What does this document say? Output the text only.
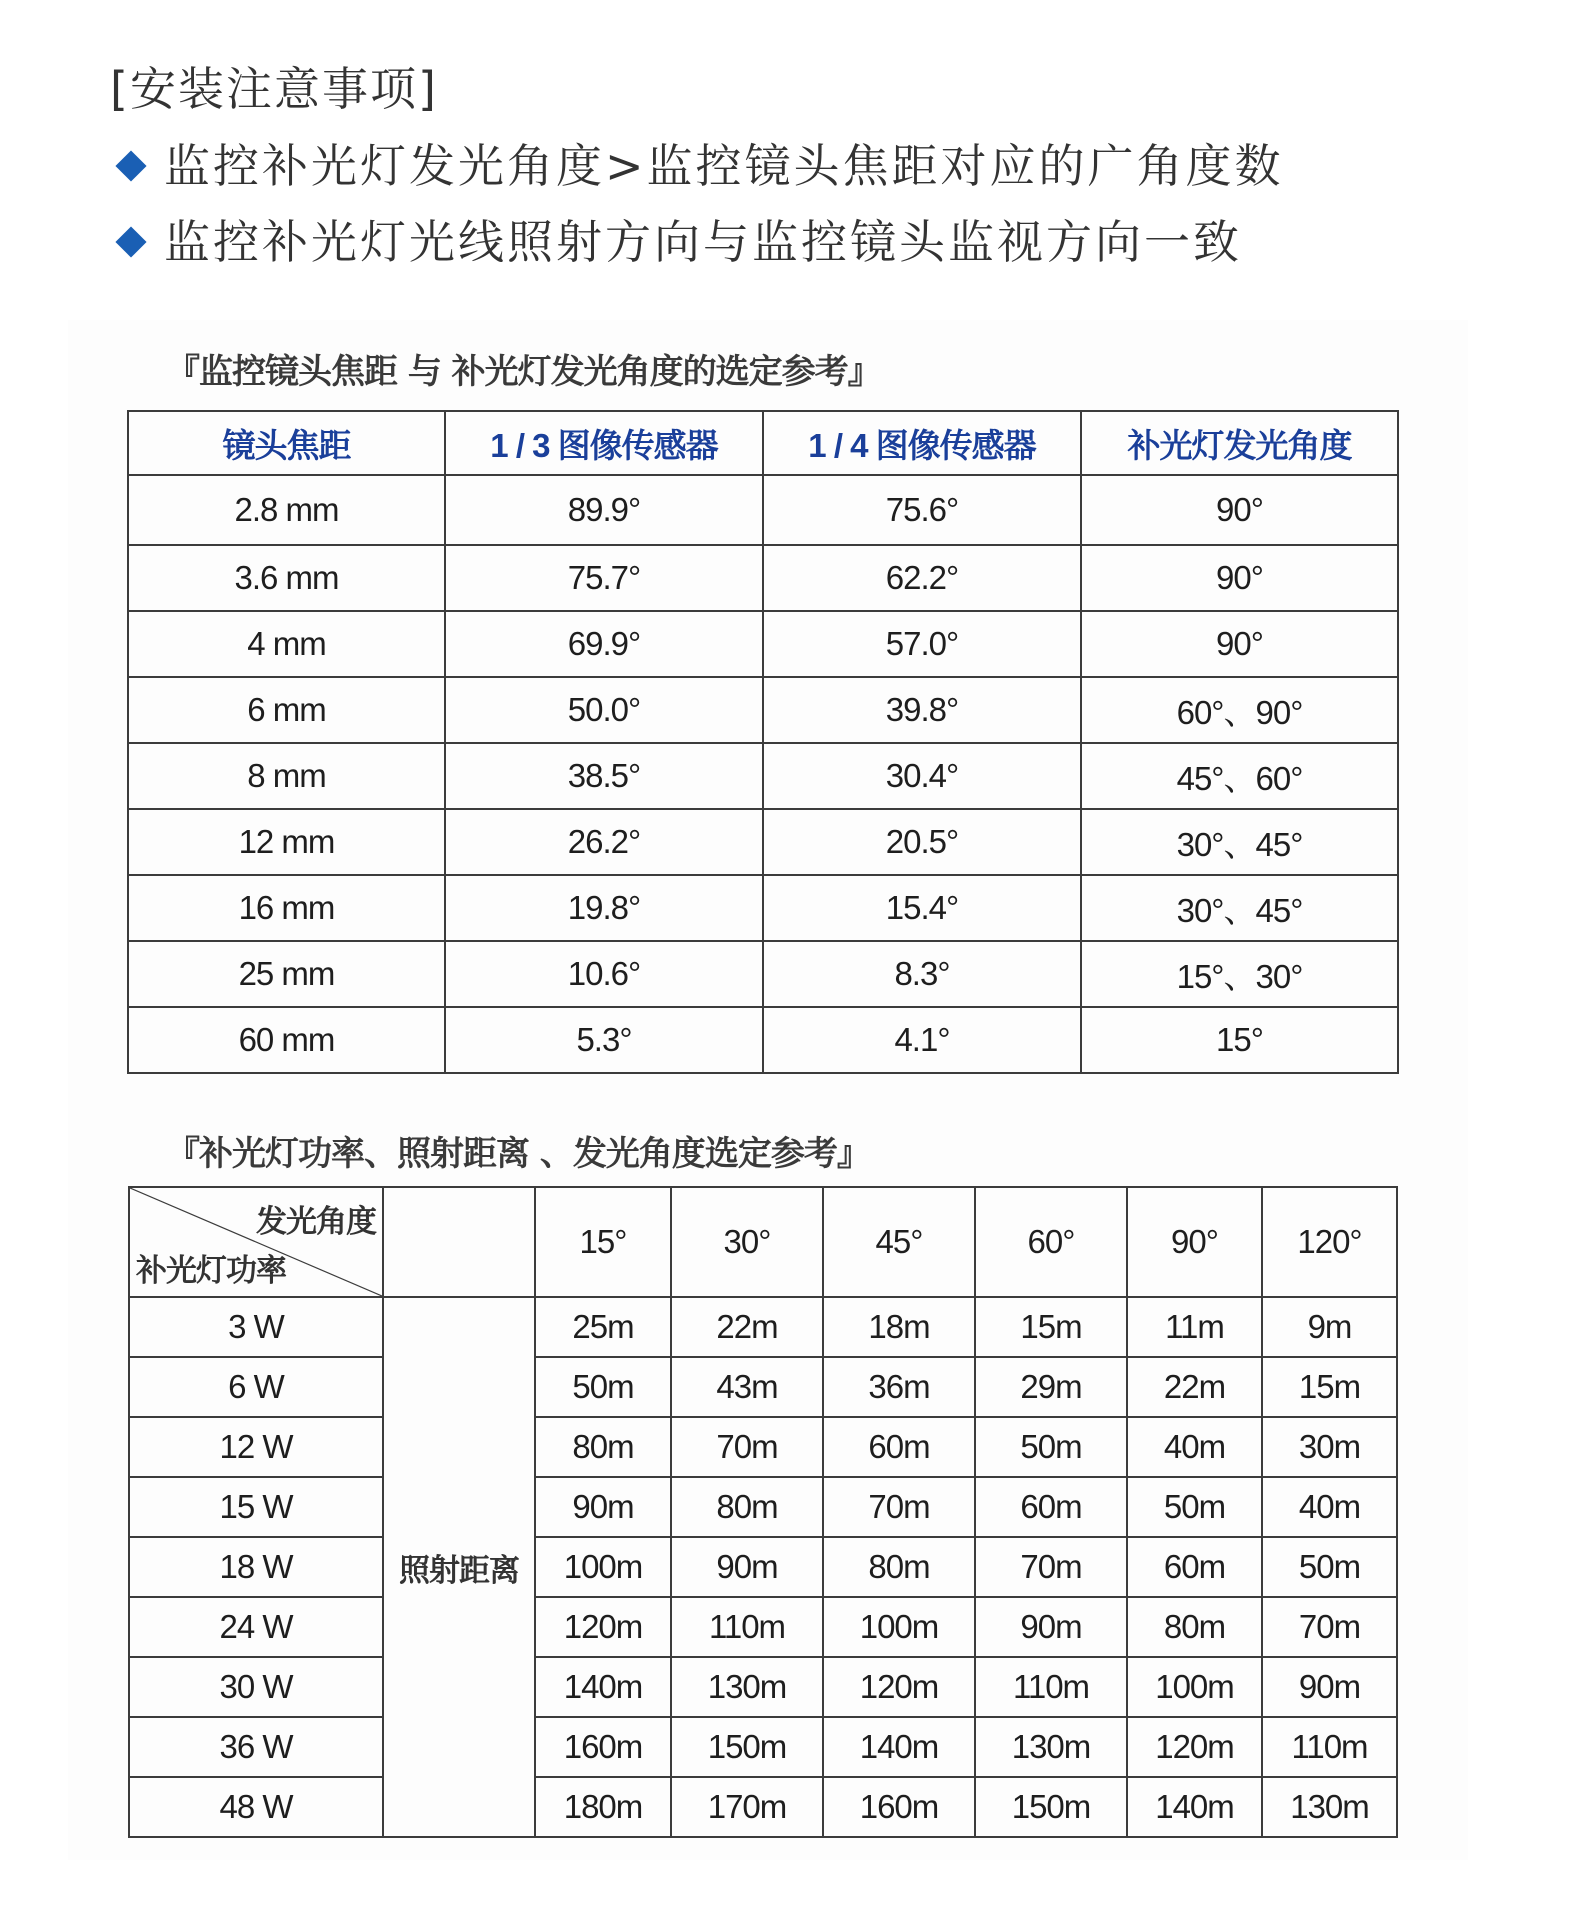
[安装注意事项]
监控补光灯发光角度>监控镜头焦距对应的广角度数
监控补光灯光线照射方向与监控镜头监视方向一致
『监控镜头焦距 与 补光灯发光角度的选定参考』
镜头焦距	1 / 3 图像传感器	1 / 4 图像传感器	补光灯发光角度
2.8 mm	89.9°	75.6°	90°
3.6 mm	75.7°	62.2°	90°
4 mm	69.9°	57.0°	90°
6 mm	50.0°	39.8°	60°、90°
8 mm	38.5°	30.4°	45°、60°
12 mm	26.2°	20.5°	30°、45°
16 mm	19.8°	15.4°	30°、45°
25 mm	10.6°	8.3°	15°、30°
60 mm	5.3°	4.1°	15°
『补光灯功率、照射距离 、发光角度选定参考』
发光角度
补光灯功率		15°	30°	45°	60°	90°	120°
3 W	照射距离	25m	22m	18m	15m	11m	9m
6 W		50m	43m	36m	29m	22m	15m
12 W		80m	70m	60m	50m	40m	30m
15 W		90m	80m	70m	60m	50m	40m
18 W		100m	90m	80m	70m	60m	50m
24 W		120m	110m	100m	90m	80m	70m
30 W		140m	130m	120m	110m	100m	90m
36 W		160m	150m	140m	130m	120m	110m
48 W		180m	170m	160m	150m	140m	130m
